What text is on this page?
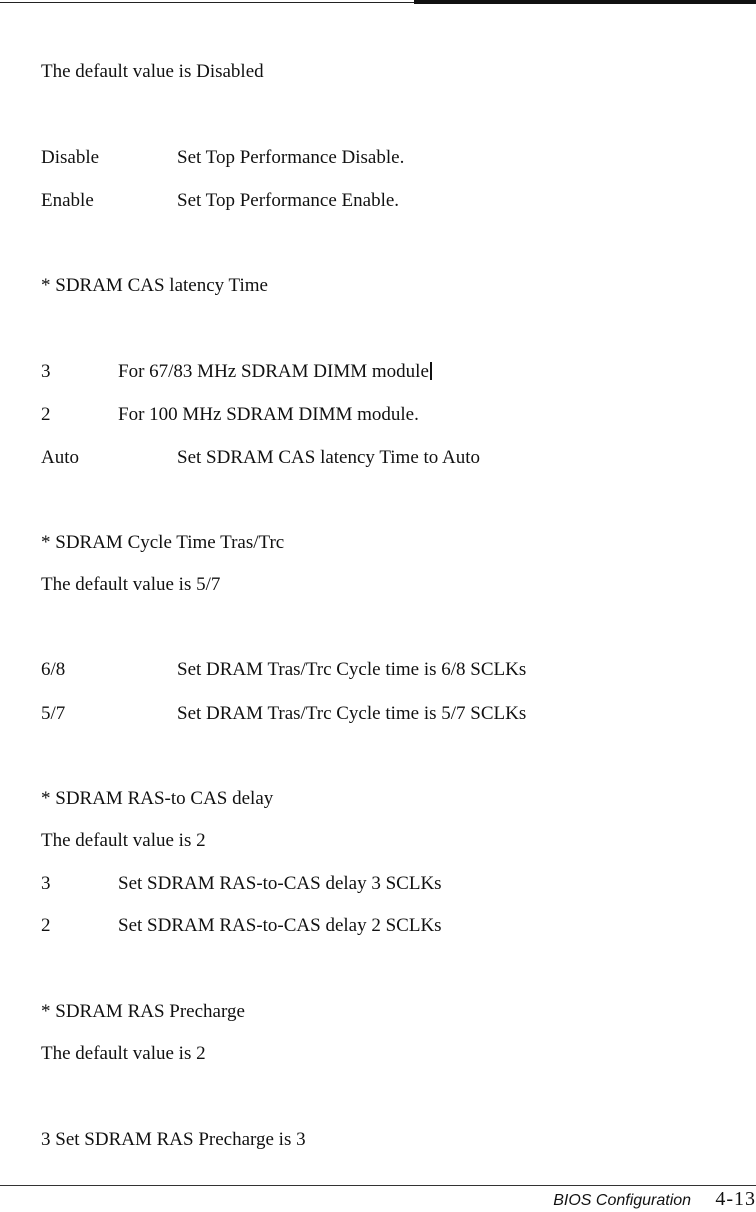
The default value is Disabled
Disable	Set Top Performance Disable.
Enable	Set Top Performance Enable.
* SDRAM CAS latency Time
3	For 67/83 MHz SDRAM DIMM module
2	For 100 MHz SDRAM DIMM module.
Auto	Set SDRAM CAS latency Time to Auto
* SDRAM Cycle Time Tras/Trc
The default value is 5/7
6/8	Set DRAM Tras/Trc Cycle time is 6/8 SCLKs
5/7	Set DRAM Tras/Trc Cycle time is 5/7 SCLKs
* SDRAM RAS-to CAS delay
The default value is 2
3	Set SDRAM RAS-to-CAS delay 3 SCLKs
2	Set SDRAM RAS-to-CAS delay 2 SCLKs
* SDRAM RAS Precharge
The default value is 2
3 Set SDRAM RAS Precharge is 3
BIOS Configuration 4-13
